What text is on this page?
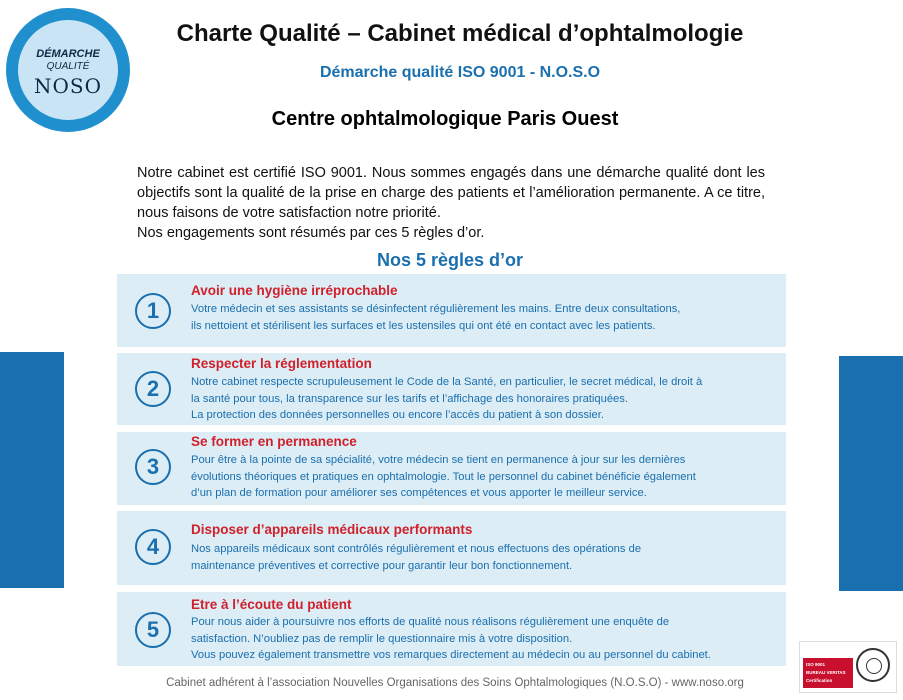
DÉMARCHE
QUALITÉ
NOSO
Charte Qualité – Cabinet médical d’ophtalmologie
Démarche qualité ISO 9001 - N.O.S.O
Centre ophtalmologique Paris Ouest

Notre cabinet est certifié ISO 9001. Nous sommes engagés dans une démarche qualité dont les objectifs sont la qualité de la prise en charge des patients et l’amélioration permanente. A ce titre, nous faisons de votre satisfaction notre priorité.

Nos engagements sont résumés par ces 5 règles d’or.

Nos 5 règles d’or
1
Avoir une hygiène irréprochable
Votre médecin et ses assistants se désinfectent régulièrement les mains. Entre deux consultations,
ils nettoient et stérilisent les surfaces et les ustensiles qui ont été en contact avec les patients.
2
Respecter la réglementation
Notre cabinet respecte scrupuleusement le Code de la Santé, en particulier, le secret médical, le droit à
la santé pour tous, la transparence sur les tarifs et l’affichage des honoraires pratiquées.
La protection des données personnelles ou encore l’accès du patient à son dossier.
3
Se former en permanence
Pour être à la pointe de sa spécialité, votre médecin se tient en permanence à jour sur les dernières
évolutions théoriques et pratiques en ophtalmologie. Tout le personnel du cabinet bénéficie également
d’un plan de formation pour améliorer ses compétences et vous apporter le meilleur service.
4
Disposer d’appareils médicaux performants
Nos appareils médicaux sont contrôlés régulièrement et nous effectuons des opérations de
maintenance préventives et corrective pour garantir leur bon fonctionnement.
5
Etre à l’écoute du patient
Pour nous aider à poursuivre nos efforts de qualité nous réalisons régulièrement une enquête de
satisfaction. N’oubliez pas de remplir le questionnaire mis à votre disposition.
Vous pouvez également transmettre vos remarques directement au médecin ou au personnel du cabinet.
Cabinet adhérent à l’association Nouvelles Organisations des Soins Ophtalmologiques (N.O.S.O) - www.noso.org
ISO 9001
BUREAU VERITAS
Certification
